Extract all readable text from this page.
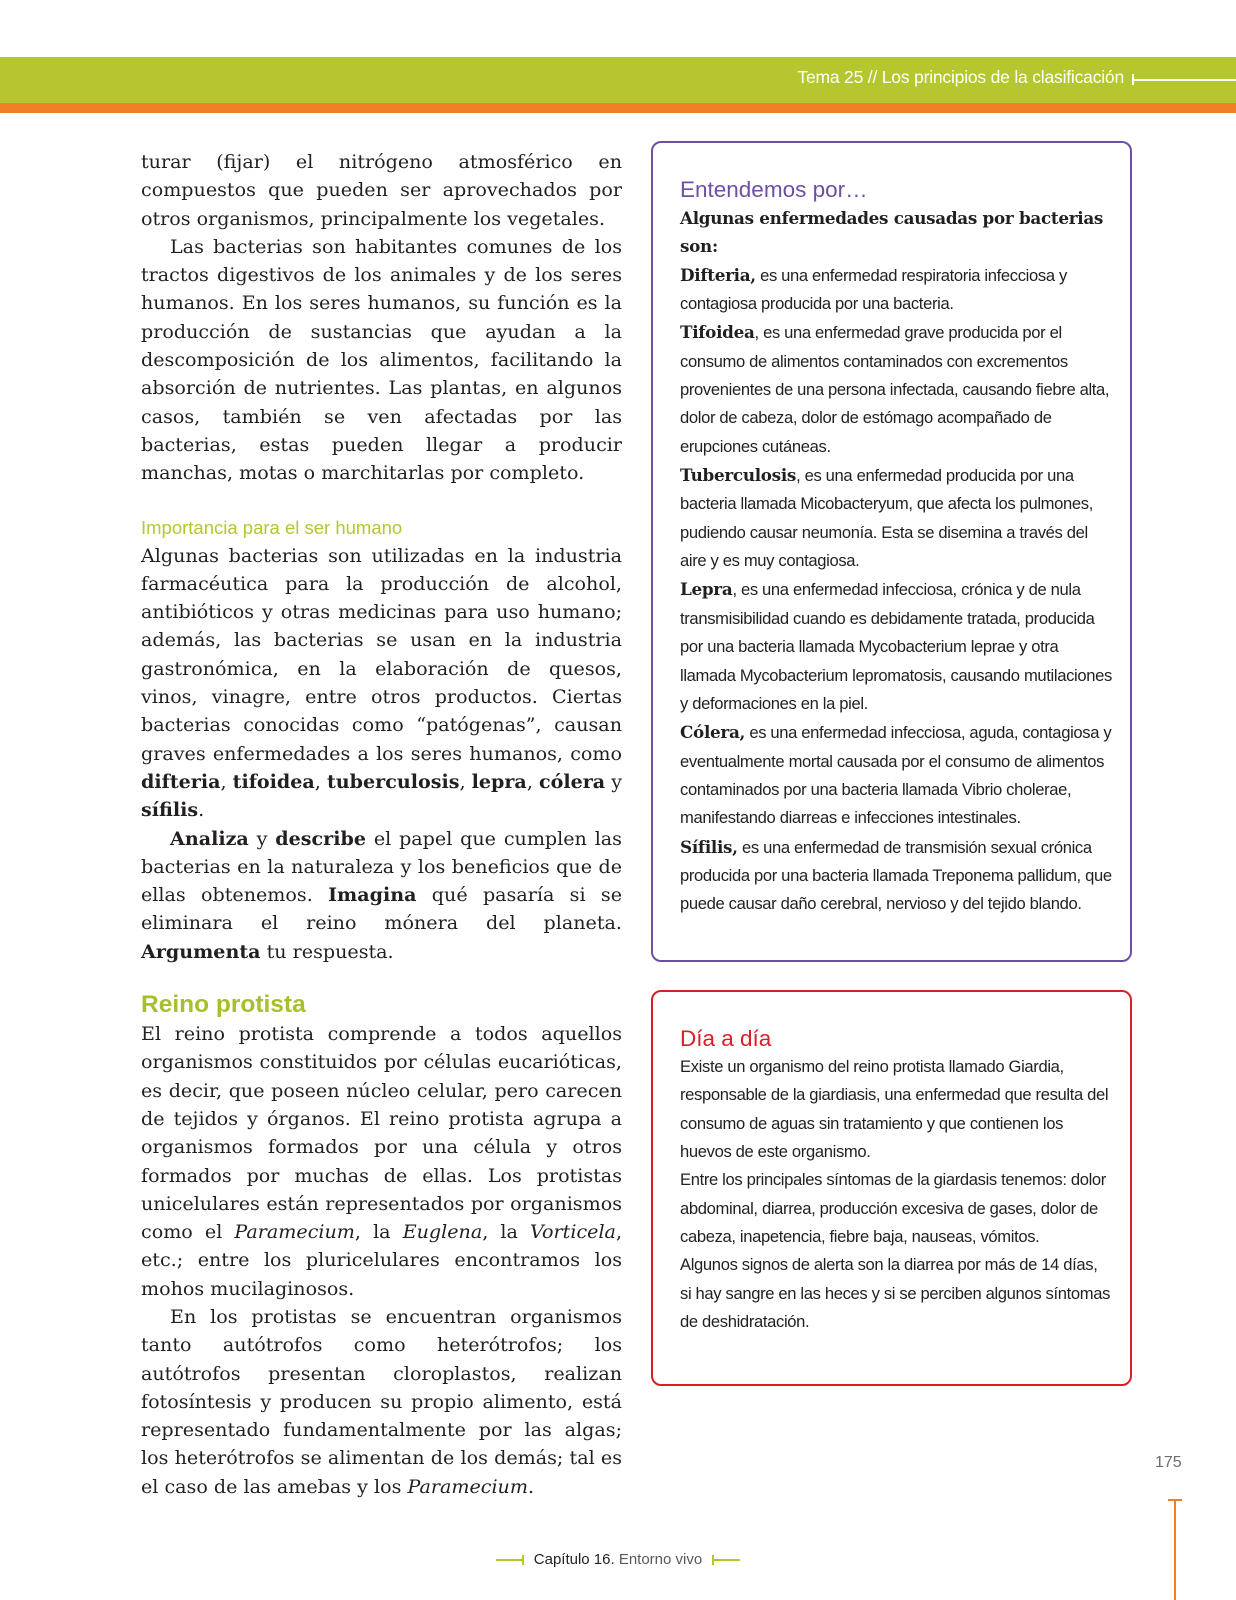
Tema 25 // Los principios de la clasificación

turar (fijar) el nitrógeno atmosférico en compuestos que pueden ser aprovechados por otros organismos, principalmente los vegetales.

Las bacterias son habitantes comunes de los tractos digestivos de los animales y de los seres humanos. En los seres humanos, su función es la producción de sustancias que ayudan a la descomposición de los alimentos, facilitando la absorción de nutrientes. Las plantas, en algunos casos, también se ven afectadas por las bacterias, estas pueden llegar a producir manchas, motas o marchitarlas por completo.

Importancia para el ser humano

Algunas bacterias son utilizadas en la industria farmacéutica para la producción de alcohol, antibióticos y otras medicinas para uso humano; además, las bacterias se usan en la industria gastronómica, en la elaboración de quesos, vinos, vinagre, entre otros productos. Ciertas bacterias conocidas como “patógenas”, causan graves enfermedades a los seres humanos, como difteria, tifoidea, tuberculosis, lepra, cólera y sífilis.

Analiza y describe el papel que cumplen las bacterias en la naturaleza y los beneficios que de ellas obtenemos. Imagina qué pasaría si se eliminara el reino mónera del planeta. Argumenta tu respuesta.

Reino protista

El reino protista comprende a todos aquellos organismos constituidos por células eucarióticas, es decir, que poseen núcleo celular, pero carecen de tejidos y órganos. El reino protista agrupa a organismos formados por una célula y otros formados por muchas de ellas. Los protistas unicelulares están representados por organismos como el Paramecium, la Euglena, la Vorticela, etc.; entre los pluricelulares encontramos los mohos mucilaginosos.

En los protistas se encuentran organismos tanto autótrofos como heterótrofos; los autótrofos presentan cloroplastos, realizan fotosíntesis y producen su propio alimento, está representado fundamentalmente por las algas; los heterótrofos se alimentan de los demás; tal es el caso de las amebas y los Paramecium.

Entendemos por…
Algunas enfermedades causadas por bacterias son:
Difteria, es una enfermedad respiratoria infecciosa y contagiosa producida por una bacteria.
Tifoidea, es una enfermedad grave producida por el consumo de alimentos contaminados con excrementos provenientes de una persona infectada, causando fiebre alta, dolor de cabeza, dolor de estómago acompañado de erupciones cutáneas.
Tuberculosis, es una enfermedad producida por una bacteria llamada Micobacteryum, que afecta los pulmones, pudiendo causar neumonía. Esta se disemina a través del aire y es muy contagiosa.
Lepra, es una enfermedad infecciosa, crónica y de nula transmisibilidad cuando es debidamente tratada, producida por una bacteria llamada Mycobacterium leprae y otra llamada Mycobacterium lepromatosis, causando mutilaciones y deformaciones en la piel.
Cólera, es una enfermedad infecciosa, aguda, contagiosa y eventualmente mortal causada por el consumo de alimentos contaminados por una bacteria llamada Vibrio cholerae, manifestando diarreas e infecciones intestinales.
Sífilis, es una enfermedad de transmisión sexual crónica producida por una bacteria llamada Treponema pallidum, que puede causar daño cerebral, nervioso y del tejido blando.
Día a día
Existe un organismo del reino protista llamado Giardia, responsable de la giardiasis, una enfermedad que resulta del consumo de aguas sin tratamiento y que contienen los huevos de este organismo.
Entre los principales síntomas de la giardasis tenemos: dolor abdominal, diarrea, producción excesiva de gases, dolor de cabeza, inapetencia, fiebre baja, nauseas, vómitos.
Algunos signos de alerta son la diarrea por más de 14 días, si hay sangre en las heces y si se perciben algunos síntomas de deshidratación.
175
Capítulo 16. Entorno vivo
